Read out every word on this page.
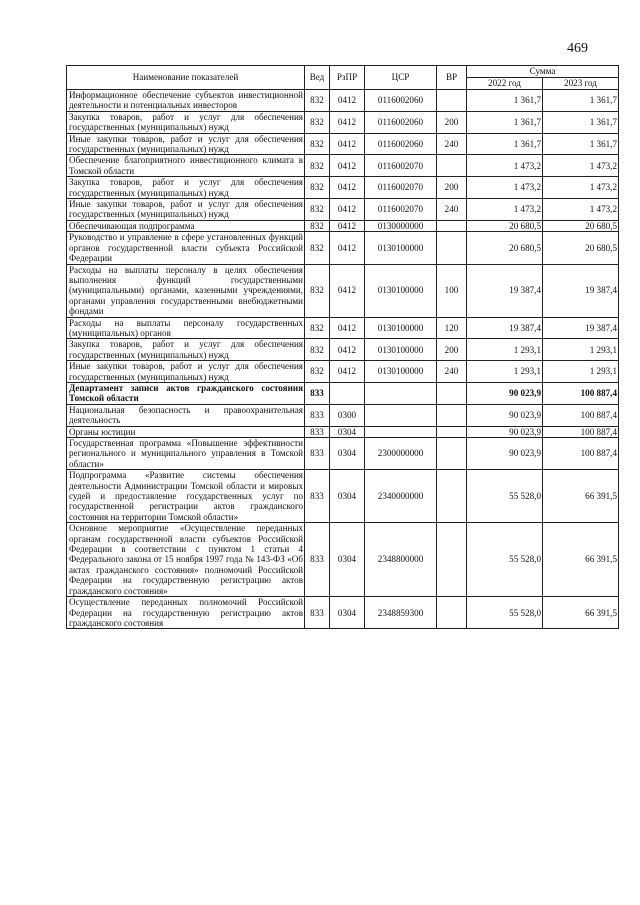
469
Наименование показателей	Вед	РзПР	ЦСР	ВР	Сумма	
					2022 год	2023 год
Информационное обеспечение субъектов инвестиционной деятельности и потенциальных инвесторов	832	0412	0116002060		1 361,7	1 361,7
Закупка товаров, работ и услуг для обеспечения государственных (муниципальных) нужд	832	0412	0116002060	200	1 361,7	1 361,7
Иные закупки товаров, работ и услуг для обеспечения государственных (муниципальных) нужд	832	0412	0116002060	240	1 361,7	1 361,7
Обеспечение благоприятного инвестиционного климата в Томской области	832	0412	0116002070		1 473,2	1 473,2
Закупка товаров, работ и услуг для обеспечения государственных (муниципальных) нужд	832	0412	0116002070	200	1 473,2	1 473,2
Иные закупки товаров, работ и услуг для обеспечения государственных (муниципальных) нужд	832	0412	0116002070	240	1 473,2	1 473,2
Обеспечивающая подпрограмма	832	0412	0130000000		20 680,5	20 680,5
Руководство и управление в сфере установленных функций органов государственной власти субъекта Российской Федерации	832	0412	0130100000		20 680,5	20 680,5
Расходы на выплаты персоналу в целях обеспечения выполнения функций государственными (муниципальными) органами, казенными учреждениями, органами управления государственными внебюджетными фондами	832	0412	0130100000	100	19 387,4	19 387,4
Расходы на выплаты персоналу государственных (муниципальных) органов	832	0412	0130100000	120	19 387,4	19 387,4
Закупка товаров, работ и услуг для обеспечения государственных (муниципальных) нужд	832	0412	0130100000	200	1 293,1	1 293,1
Иные закупки товаров, работ и услуг для обеспечения государственных (муниципальных) нужд	832	0412	0130100000	240	1 293,1	1 293,1
Департамент записи актов гражданского состояния Томской области	833				90 023,9	100 887,4
Национальная безопасность и правоохранительная деятельность	833	0300			90 023,9	100 887,4
Органы юстиции	833	0304			90 023,9	100 887,4
Государственная программа «Повышение эффективности регионального и муниципального управления в Томской области»	833	0304	2300000000		90 023,9	100 887,4
Подпрограмма «Развитие системы обеспечения деятельности Администрации Томской области и мировых судей и предоставление государственных услуг по государственной регистрации актов гражданского состояния на территории Томской области»	833	0304	2340000000		55 528,0	66 391,5
Основное мероприятие «Осуществление переданных органам государственной власти субъектов Российской Федерации в соответствии с пунктом 1 статьи 4 Федерального закона от 15 ноября 1997 года № 143-ФЗ «Об актах гражданского состояния» полномочий Российской Федерации на государственную регистрацию актов гражданского состояния»	833	0304	2348800000		55 528,0	66 391,5
Осуществление переданных полномочий Российской Федерации на государственную регистрацию актов гражданского состояния	833	0304	2348859300		55 528,0	66 391,5
